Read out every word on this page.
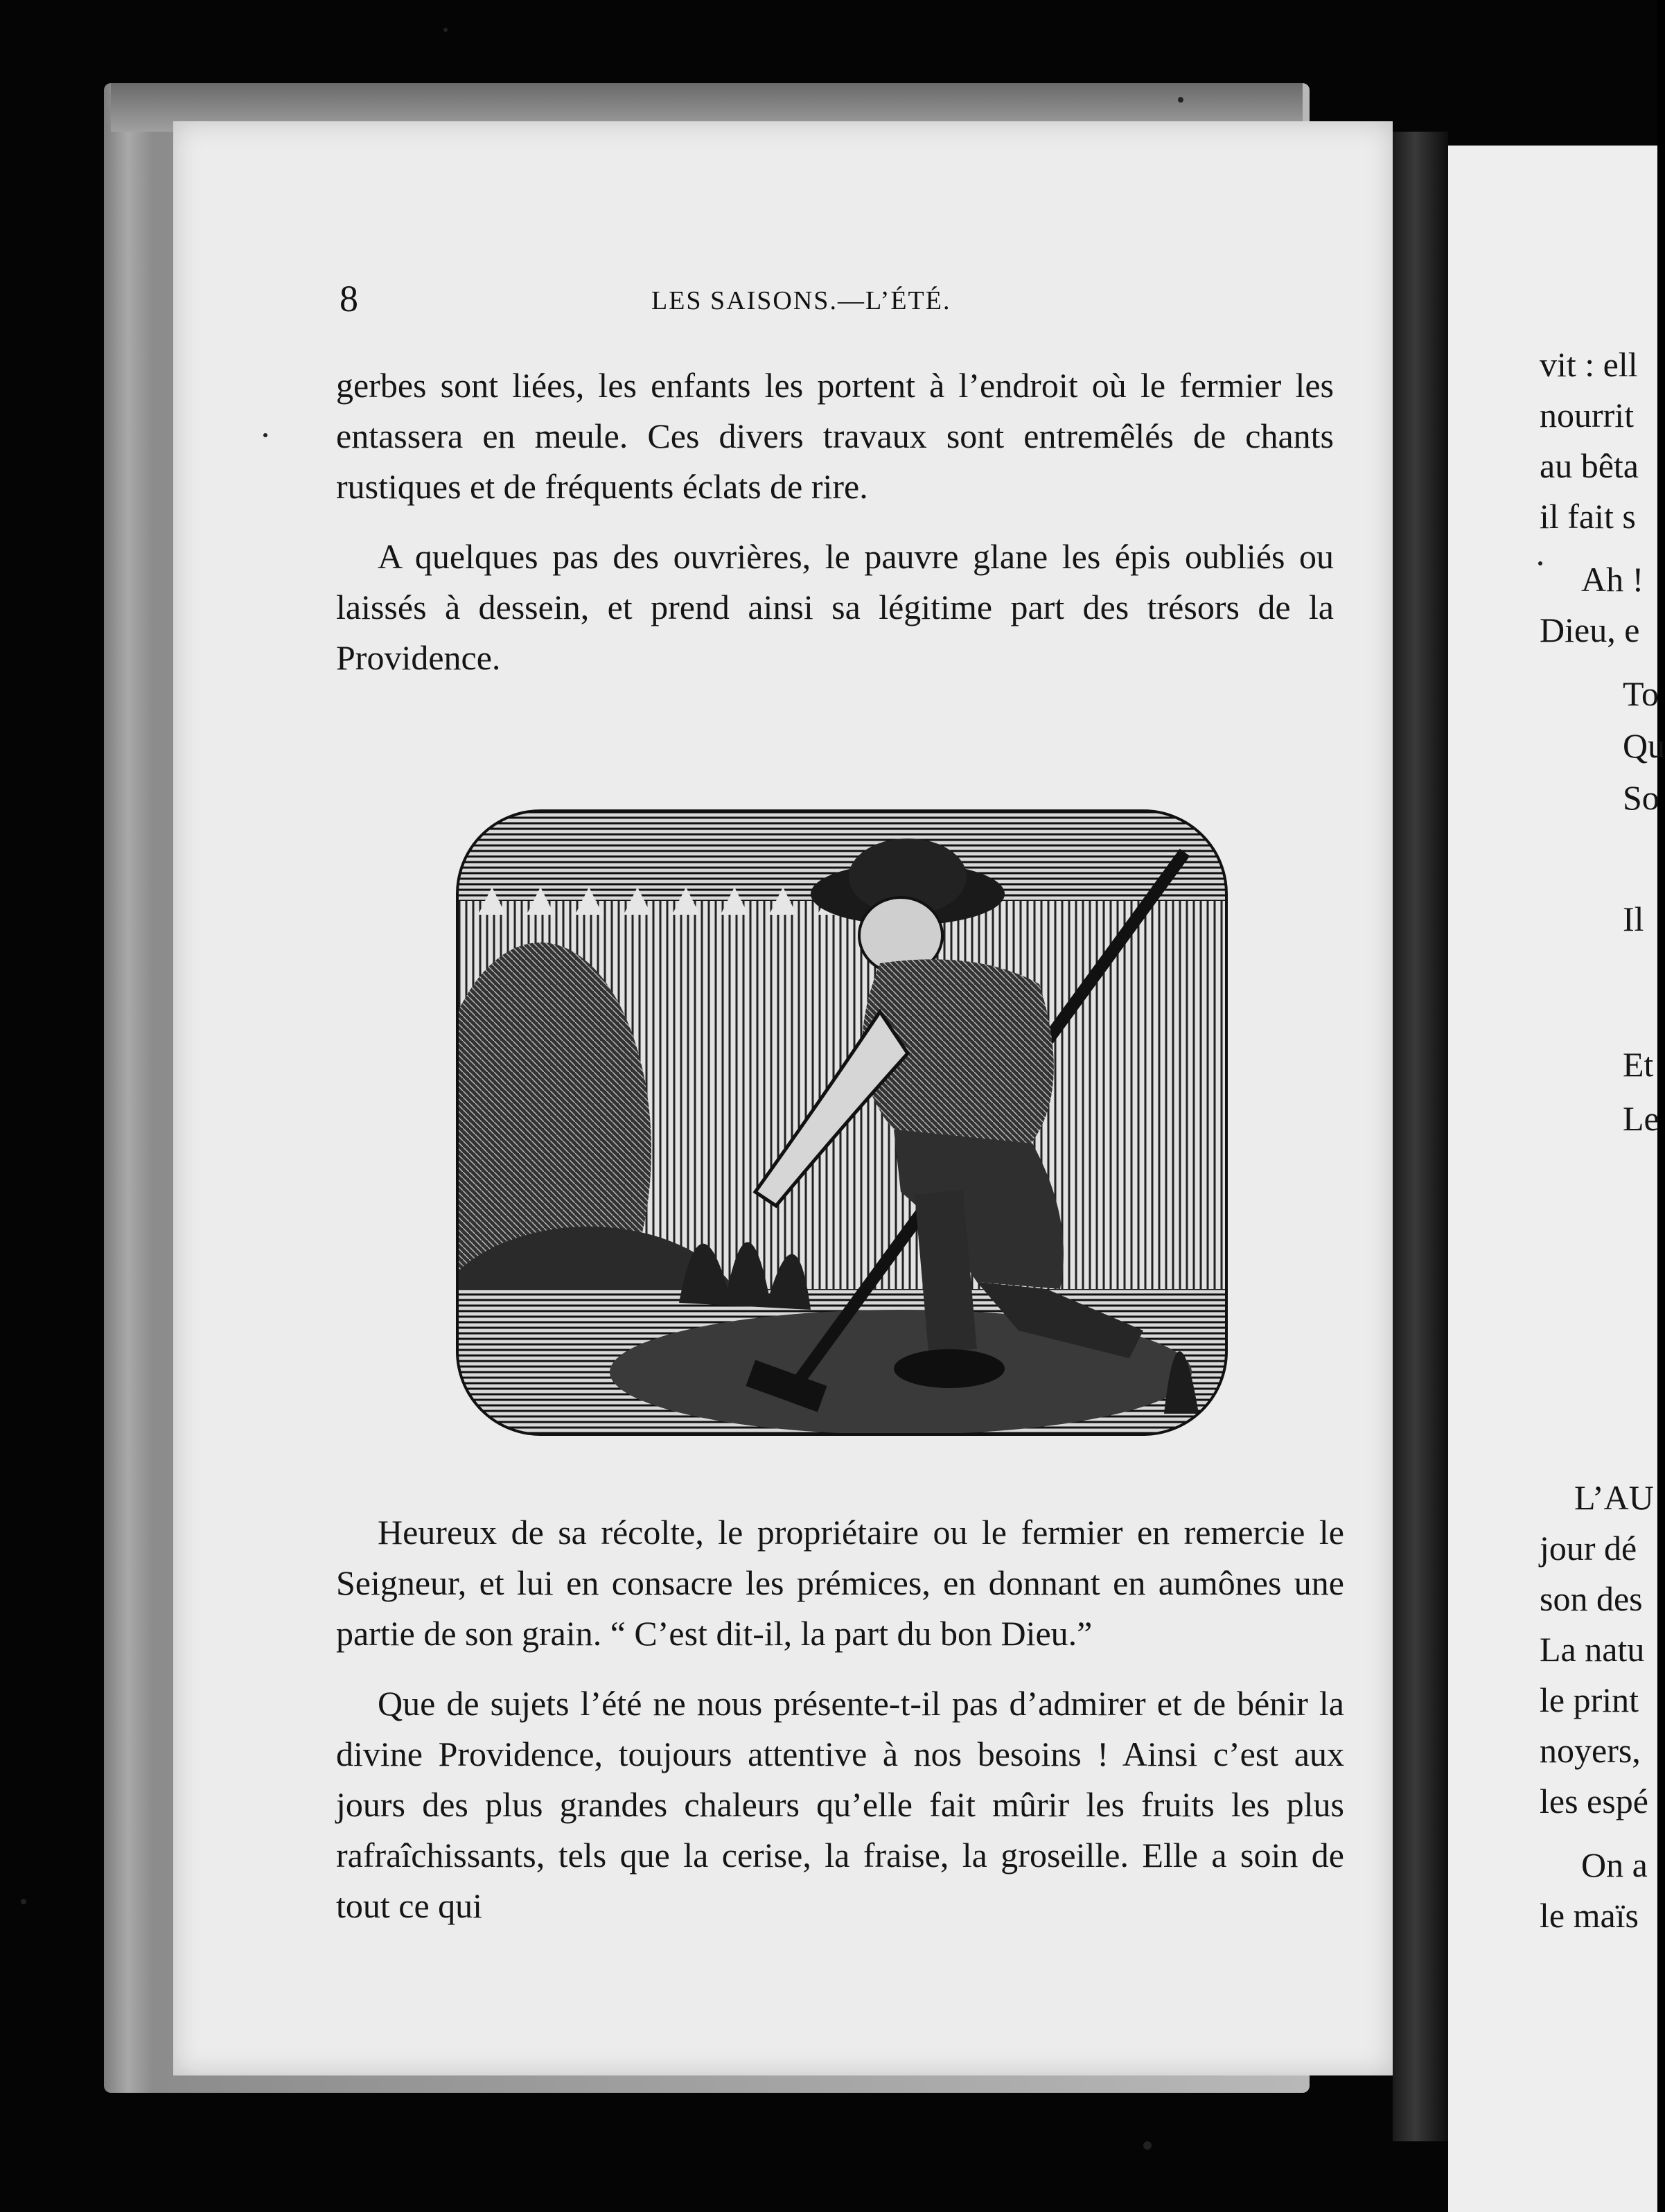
8	LES SAISONS.—L’ÉTÉ.

gerbes sont liées, les enfants les portent à l’endroit où le fermier les entassera en meule. Ces divers travaux sont entremêlés de chants rustiques et de fréquents éclats de rire.

A quelques pas des ouvrières, le pauvre glane les épis oubliés ou laissés à dessein, et prend ainsi sa légitime part des trésors de la Providence.

Heureux de sa récolte, le propriétaire ou le fermier en remercie le Seigneur, et lui en consacre les prémices, en donnant en aumônes une partie de son grain. “ C’est dit-il, la part du bon Dieu.”

Que de sujets l’été ne nous présente-t-il pas d’admirer et de bénir la divine Providence, toujours attentive à nos besoins ! Ainsi c’est aux jours des plus grandes chaleurs qu’elle fait mûrir les fruits les plus rafraîchissants, tels que la cerise, la fraise, la groseille. Elle a soin de tout ce qui

vit : ell
nourrit
au bêta
il fait s
Ah !
Dieu, e
To
Qu
So
Il
Et
Le
L’AU
jour dé
son des
La natu
le print
noyers,
les espé
On a
le maïs
